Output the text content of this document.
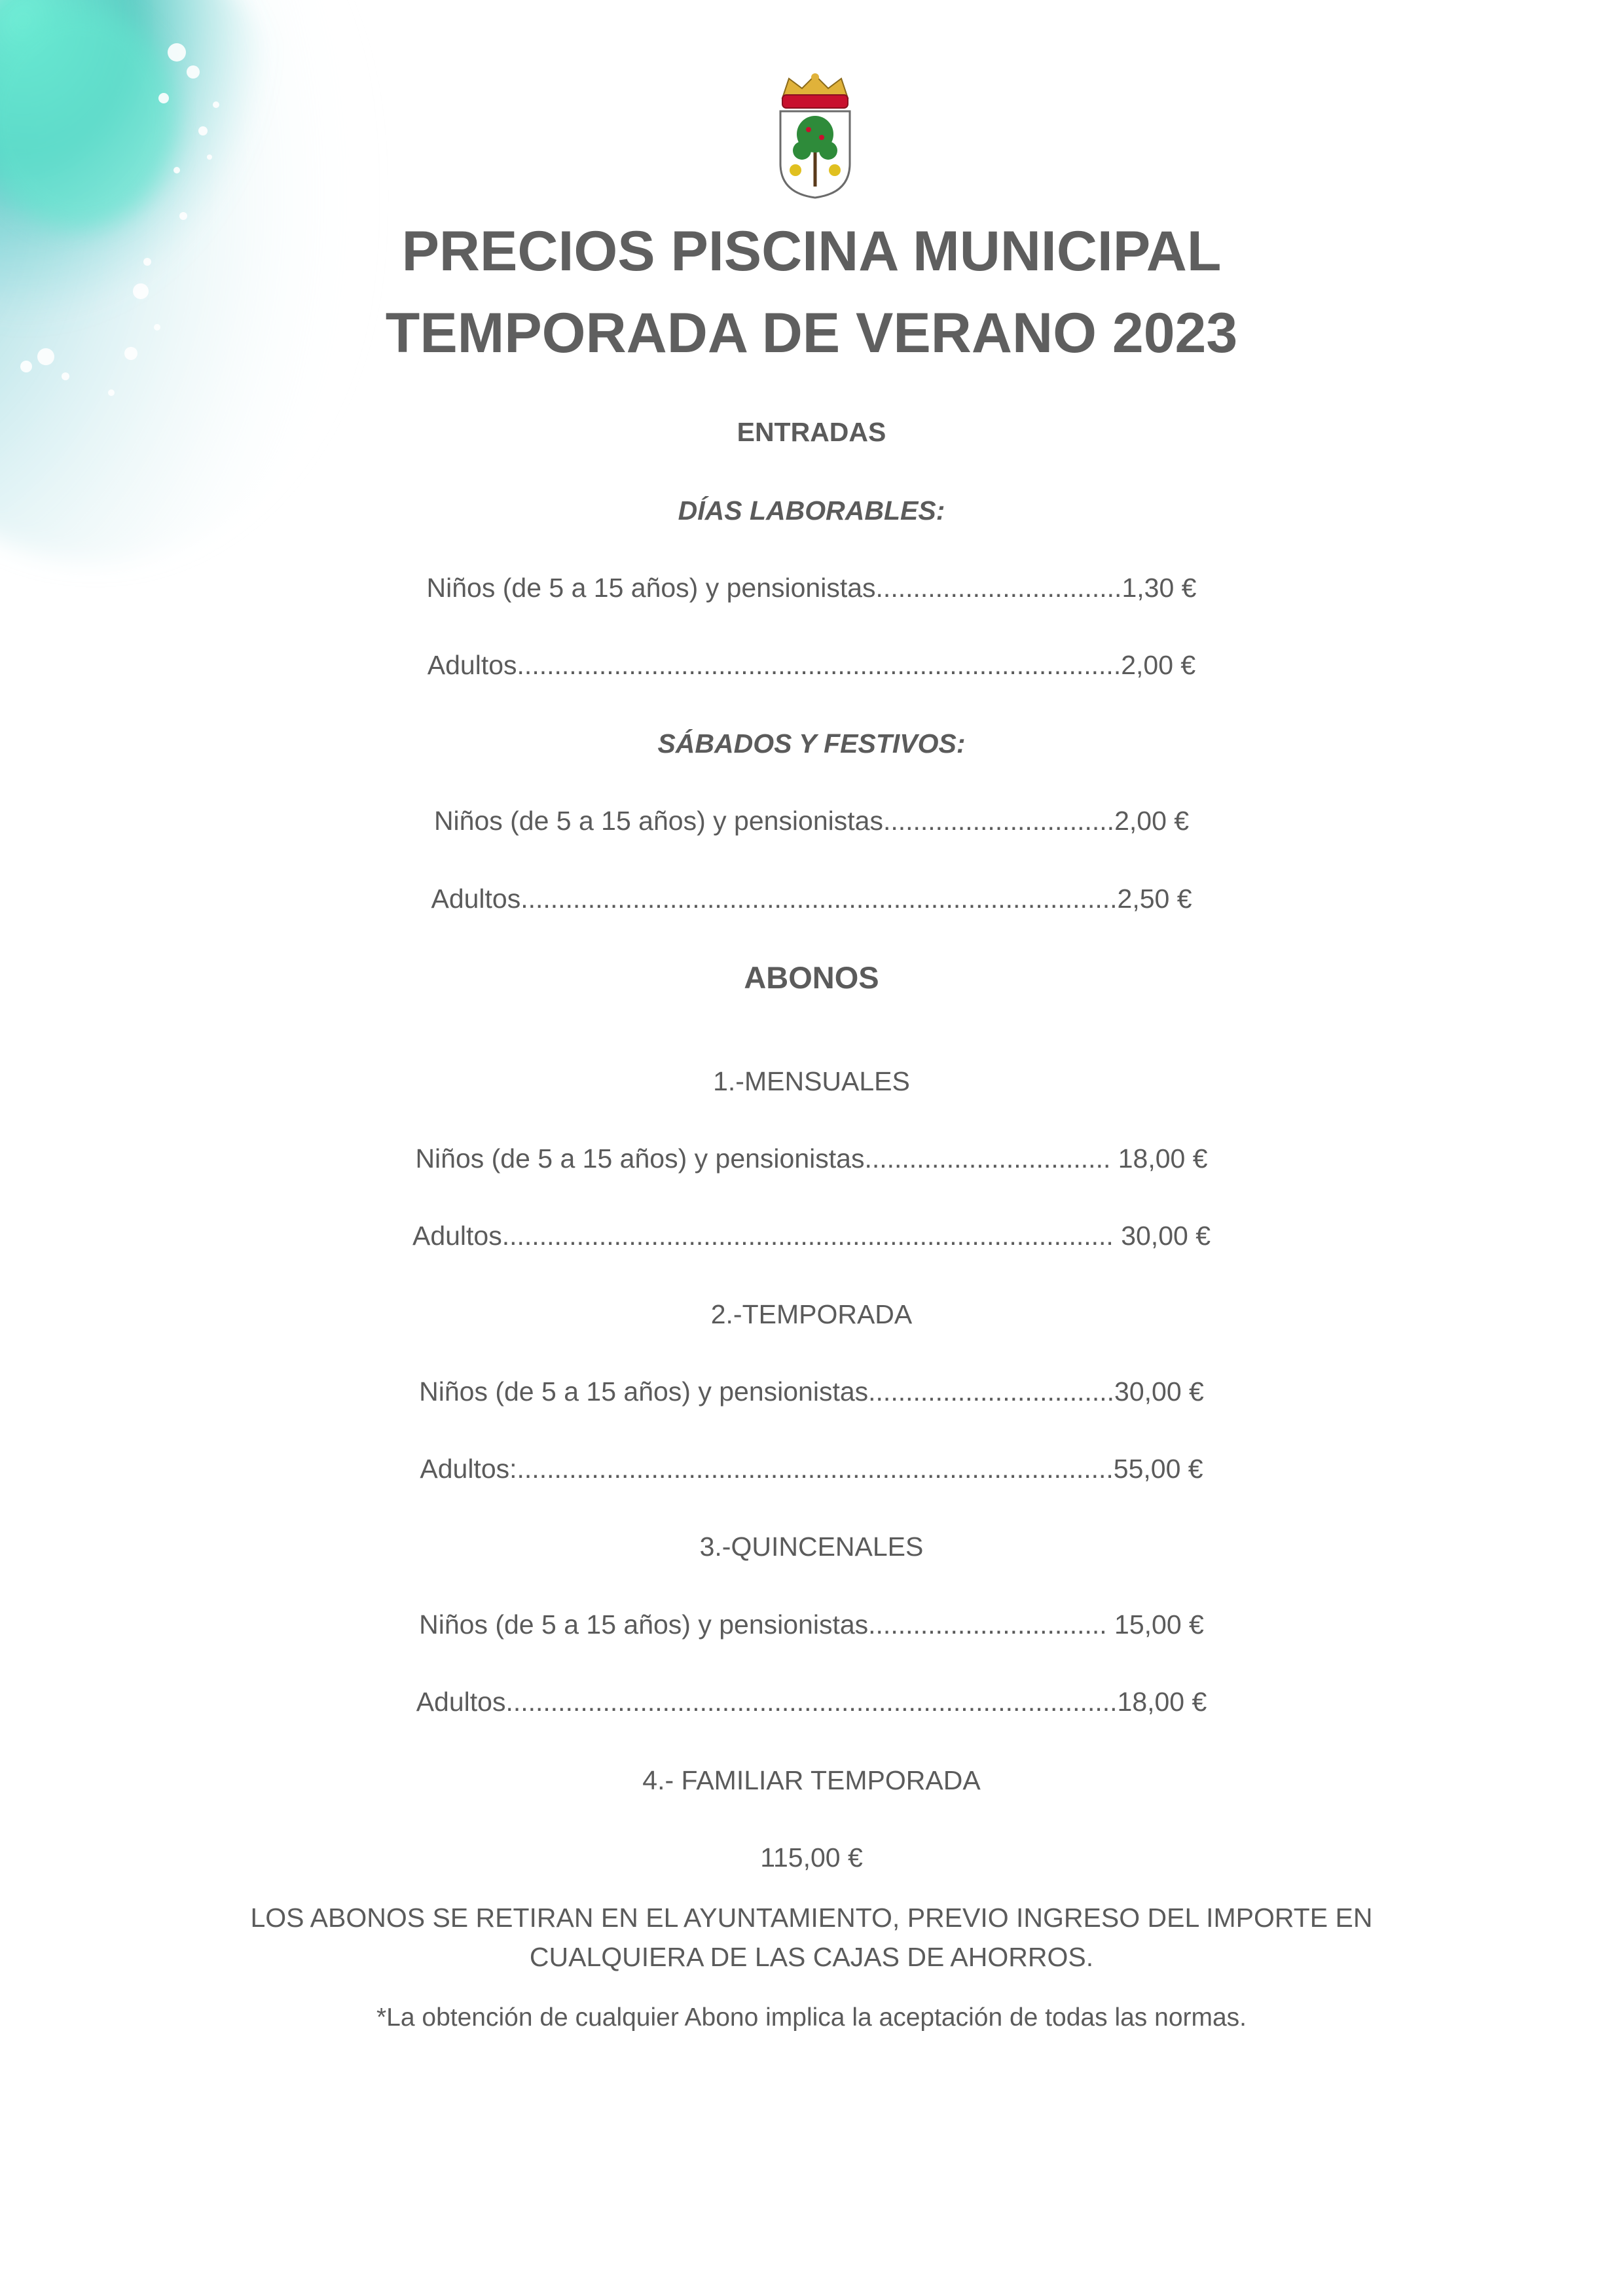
PRECIOS PISCINA MUNICIPAL
TEMPORADA DE VERANO 2023

ENTRADAS

DÍAS LABORABLES:

Niños (de 5 a 15 años) y pensionistas.................................1,30 €

Adultos.................................................................................2,00 €

SÁBADOS Y FESTIVOS:

Niños (de 5 a 15 años) y pensionistas...............................2,00 €

Adultos................................................................................2,50 €

ABONOS

1.-MENSUALES

Niños (de 5 a 15 años) y pensionistas................................. 18,00 €

Adultos.................................................................................. 30,00 €

2.-TEMPORADA

Niños (de 5 a 15 años) y pensionistas.................................30,00 €

Adultos:................................................................................55,00 €

3.-QUINCENALES

Niños (de 5 a 15 años) y pensionistas................................ 15,00 €

Adultos..................................................................................18,00 €

4.- FAMILIAR TEMPORADA

115,00 €

LOS ABONOS SE RETIRAN EN EL AYUNTAMIENTO, PREVIO INGRESO DEL IMPORTE EN

CUALQUIERA DE LAS CAJAS DE AHORROS.

*La obtención de cualquier Abono implica la aceptación de todas las normas.
